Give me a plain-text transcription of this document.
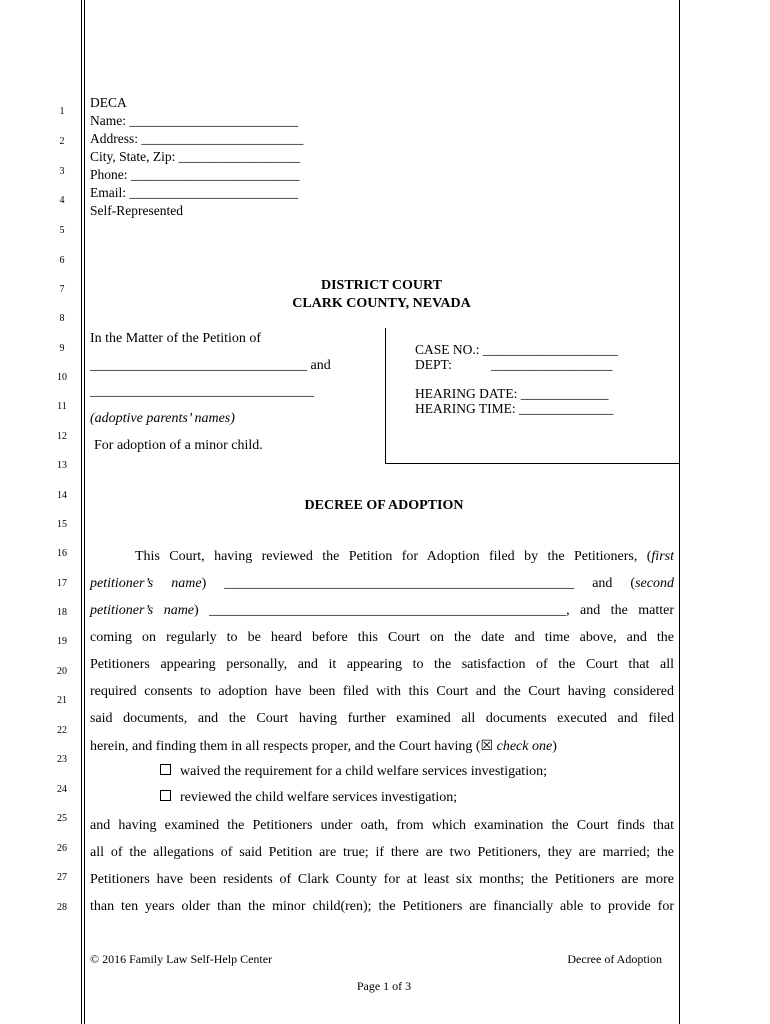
1
2
3
4
5
6
7
8
9
10
11
12
13
14
15
16
17
18
19
20
21
22
23
24
25
26
27
28
DECA
Name: _________________________
Address: ________________________
City, State, Zip: __________________
Phone: _________________________
Email: _________________________
Self-Represented
DISTRICT COURT
CLARK COUNTY, NEVADA
In the Matter of the Petition of
_______________________________ and
________________________________
(adoptive parents’ names)
For adoption of a minor child.
CASE NO.: ____________________
DEPT:	__________________
HEARING DATE: _____________
HEARING TIME: ______________
DECREE OF ADOPTION
This Court, having reviewed the Petition for Adoption filed by the Petitioners, (first
petitioner’s name) __________________________________________________ and (second
petitioner’s name) ___________________________________________________, and the matter
coming on regularly to be heard before this Court on the date and time above, and the
Petitioners appearing personally, and it appearing to the satisfaction of the Court that all
required consents to adoption have been filed with this Court and the Court having considered
said documents, and the Court having further examined all documents executed and filed
herein, and finding them in all respects proper, and the Court having (☒ check one)
waived the requirement for a child welfare services investigation;
reviewed the child welfare services investigation;
and having examined the Petitioners under oath, from which examination the Court finds that
all of the allegations of said Petition are true; if there are two Petitioners, they are married; the
Petitioners have been residents of Clark County for at least six months; the Petitioners are more
than ten years older than the minor child(ren); the Petitioners are financially able to provide for
© 2016 Family Law Self-Help Center	Decree of Adoption
Page 1 of 3
